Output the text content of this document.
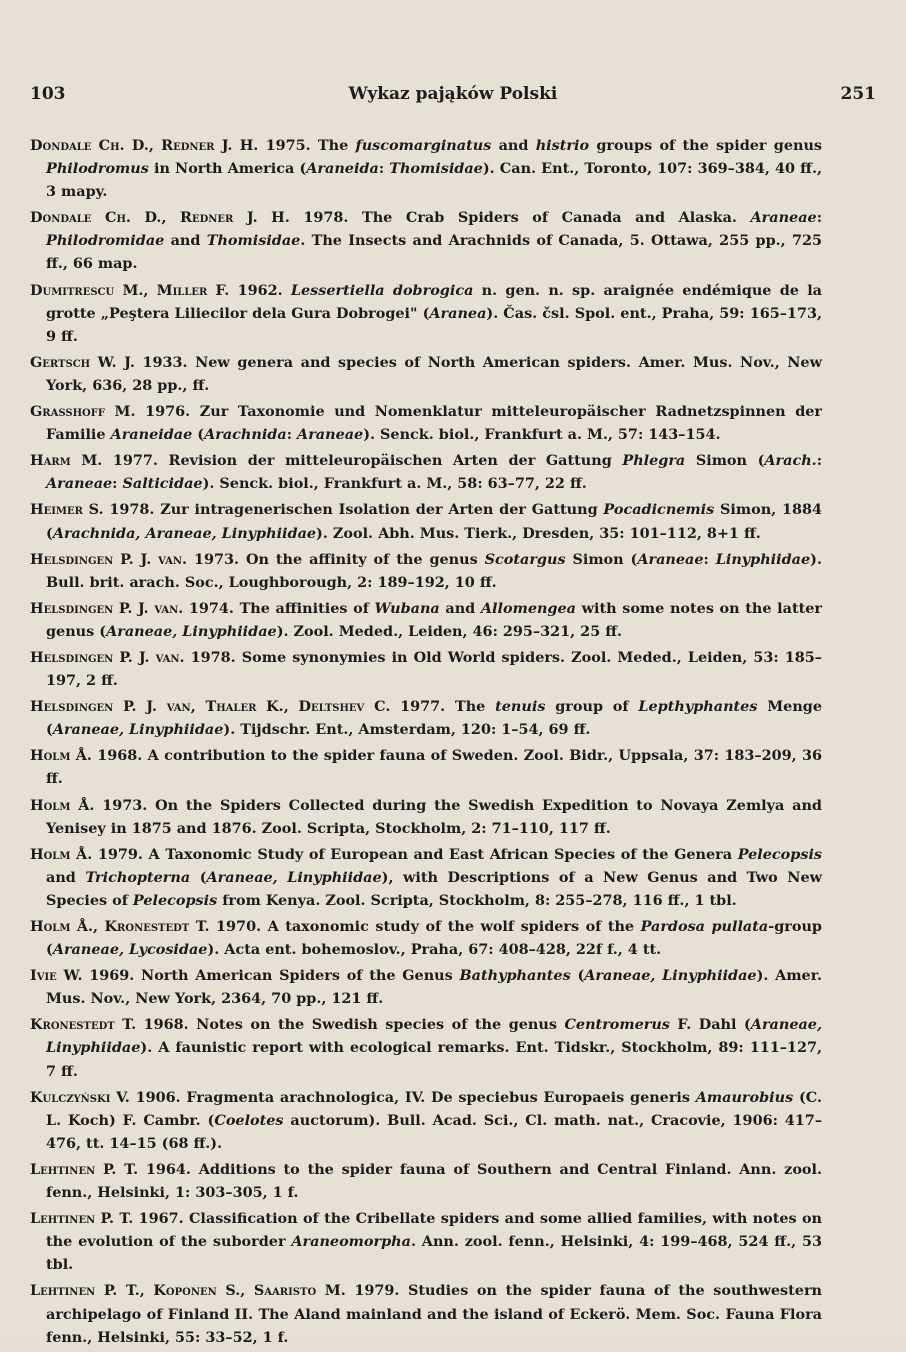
103	Wykaz pająków Polski	251

Dondale Ch. D., Redner J. H. 1975. The fuscomarginatus and histrio groups of the spider genus Philodromus in North America (Araneida: Thomisidae). Can. Ent., Toronto, 107: 369–384, 40 ff., 3 mapy.

Dondale Ch. D., Redner J. H. 1978. The Crab Spiders of Canada and Alaska. Araneae: Philodromidae and Thomisidae. The Insects and Arachnids of Canada, 5. Ottawa, 255 pp., 725 ff., 66 map.

Dumitrescu M., Miller F. 1962. Lessertiella dobrogica n. gen. n. sp. araignée endémique de la grotte „Peştera Liliecilor dela Gura Dobrogei" (Aranea). Čas. čsl. Spol. ent., Praha, 59: 165–173, 9 ff.

Gertsch W. J. 1933. New genera and species of North American spiders. Amer. Mus. Nov., New York, 636, 28 pp., ff.

Grasshoff M. 1976. Zur Taxonomie und Nomenklatur mitteleuropäischer Radnetzspinnen der Familie Araneidae (Arachnida: Araneae). Senck. biol., Frankfurt a. M., 57: 143–154.

Harm M. 1977. Revision der mitteleuropäischen Arten der Gattung Phlegra Simon (Arach.: Araneae: Salticidae). Senck. biol., Frankfurt a. M., 58: 63–77, 22 ff.

Heimer S. 1978. Zur intragenerischen Isolation der Arten der Gattung Pocadicnemis Simon, 1884 (Arachnida, Araneae, Linyphiidae). Zool. Abh. Mus. Tierk., Dresden, 35: 101–112, 8+1 ff.

Helsdingen P. J. van. 1973. On the affinity of the genus Scotargus Simon (Araneae: Linyphiidae). Bull. brit. arach. Soc., Loughborough, 2: 189–192, 10 ff.

Helsdingen P. J. van. 1974. The affinities of Wubana and Allomengea with some notes on the latter genus (Araneae, Linyphiidae). Zool. Meded., Leiden, 46: 295–321, 25 ff.

Helsdingen P. J. van. 1978. Some synonymies in Old World spiders. Zool. Meded., Leiden, 53: 185–197, 2 ff.

Helsdingen P. J. van, Thaler K., Deltshev C. 1977. The tenuis group of Lepthyphantes Menge (Araneae, Linyphiidae). Tijdschr. Ent., Amsterdam, 120: 1–54, 69 ff.

Holm Å. 1968. A contribution to the spider fauna of Sweden. Zool. Bidr., Uppsala, 37: 183–209, 36 ff.

Holm Å. 1973. On the Spiders Collected during the Swedish Expedition to Novaya Zemlya and Yenisey in 1875 and 1876. Zool. Scripta, Stockholm, 2: 71–110, 117 ff.

Holm Å. 1979. A Taxonomic Study of European and East African Species of the Genera Pelecopsis and Trichopterna (Araneae, Linyphiidae), with Descriptions of a New Genus and Two New Species of Pelecopsis from Kenya. Zool. Scripta, Stockholm, 8: 255–278, 116 ff., 1 tbl.

Holm Å., Kronestedt T. 1970. A taxonomic study of the wolf spiders of the Pardosa pullata-group (Araneae, Lycosidae). Acta ent. bohemoslov., Praha, 67: 408–428, 22f f., 4 tt.

Ivie W. 1969. North American Spiders of the Genus Bathyphantes (Araneae, Linyphiidae). Amer. Mus. Nov., New York, 2364, 70 pp., 121 ff.

Kronestedt T. 1968. Notes on the Swedish species of the genus Centromerus F. Dahl (Araneae, Linyphiidae). A faunistic report with ecological remarks. Ent. Tidskr., Stockholm, 89: 111–127, 7 ff.

Kulczyński V. 1906. Fragmenta arachnologica, IV. De speciebus Europaeis generis Amaurobius (C. L. Koch) F. Cambr. (Coelotes auctorum). Bull. Acad. Sci., Cl. math. nat., Cracovie, 1906: 417–476, tt. 14–15 (68 ff.).

Lehtinen P. T. 1964. Additions to the spider fauna of Southern and Central Finland. Ann. zool. fenn., Helsinki, 1: 303–305, 1 f.

Lehtinen P. T. 1967. Classification of the Cribellate spiders and some allied families, with notes on the evolution of the suborder Araneomorpha. Ann. zool. fenn., Helsinki, 4: 199–468, 524 ff., 53 tbl.

Lehtinen P. T., Koponen S., Saaristo M. 1979. Studies on the spider fauna of the southwestern archipelago of Finland II. The Aland mainland and the island of Eckerö. Mem. Soc. Fauna Flora fenn., Helsinki, 55: 33–52, 1 f.
